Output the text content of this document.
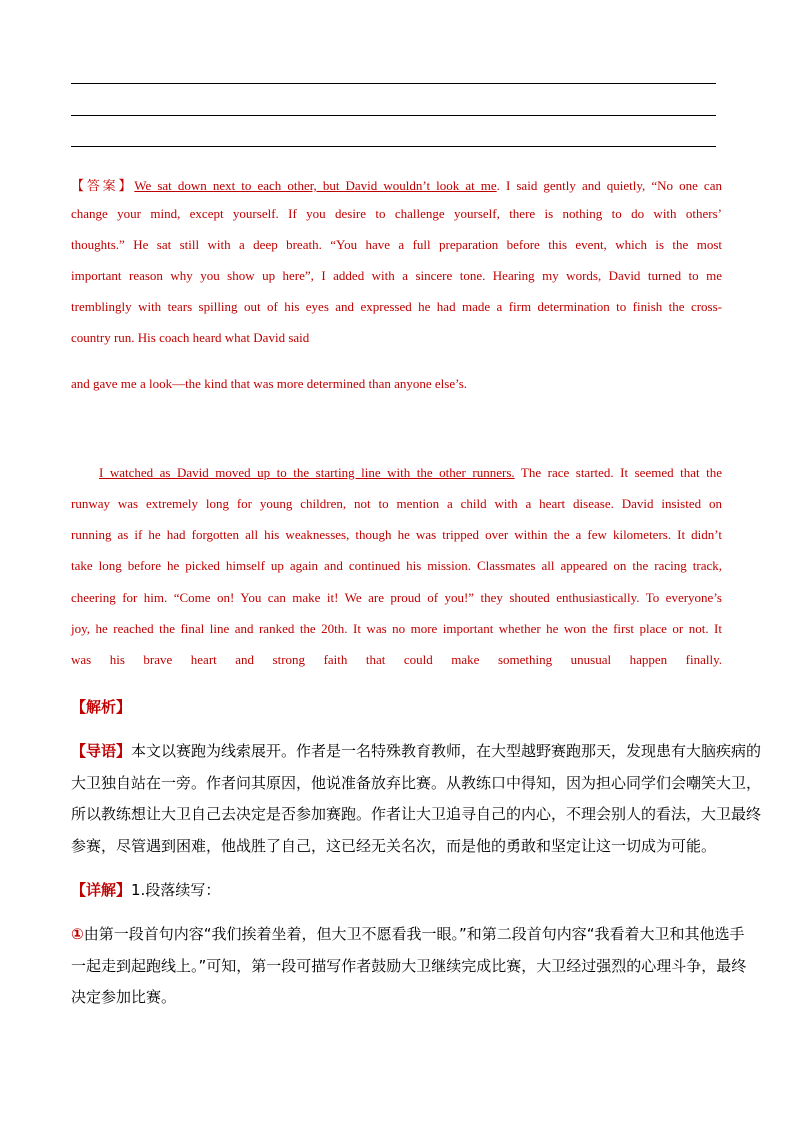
【答案】We sat down next to each other, but David wouldn’t look at me. I said gently and quietly, “No one can
change your mind, except yourself. If you desire to challenge yourself, there is nothing to do with others’
thoughts.” He sat still with a deep breath. “You have a full preparation before this event, which is the most
important reason why you show up here”, I added with a sincere tone. Hearing my words, David turned to me
tremblingly with tears spilling out of his eyes and expressed he had made a firm determination to finish the cross-
country run. His coach heard what David said
and gave me a look—the kind that was more determined than anyone else’s.
I watched as David moved up to the starting line with the other runners. The race started. It seemed that the
runway was extremely long for young children, not to mention a child with a heart disease. David insisted on
running as if he had forgotten all his weaknesses, though he was tripped over within the a few kilometers. It didn’t
take long before he picked himself up again and continued his mission. Classmates all appeared on the racing track,
cheering for him. “Come on! You can make it! We are proud of you!” they shouted enthusiastically. To everyone’s
joy, he reached the final line and ranked the 20th. It was no more important whether he won the first place or not. It
was his brave heart and strong faith that could make something unusual happen finally.
【解析】
【导语】本文以赛跑为线索展开。作者是一名特殊教育教师，在大型越野赛跑那天，发现患有大脑疾病的
大卫独自站在一旁。作者问其原因，他说准备放弃比赛。从教练口中得知，因为担心同学们会嘲笑大卫，
所以教练想让大卫自己去决定是否参加赛跑。作者让大卫追寻自己的内心，不理会别人的看法，大卫最终
参赛，尽管遇到困难，他战胜了自己，这已经无关名次，而是他的勇敢和坚定让这一切成为可能。
【详解】1.段落续写：
①由第一段首句内容“我们挨着坐着，但大卫不愿看我一眼。”和第二段首句内容“我看着大卫和其他选手
一起走到起跑线上。”可知，第一段可描写作者鼓励大卫继续完成比赛，大卫经过强烈的心理斗争，最终
决定参加比赛。
